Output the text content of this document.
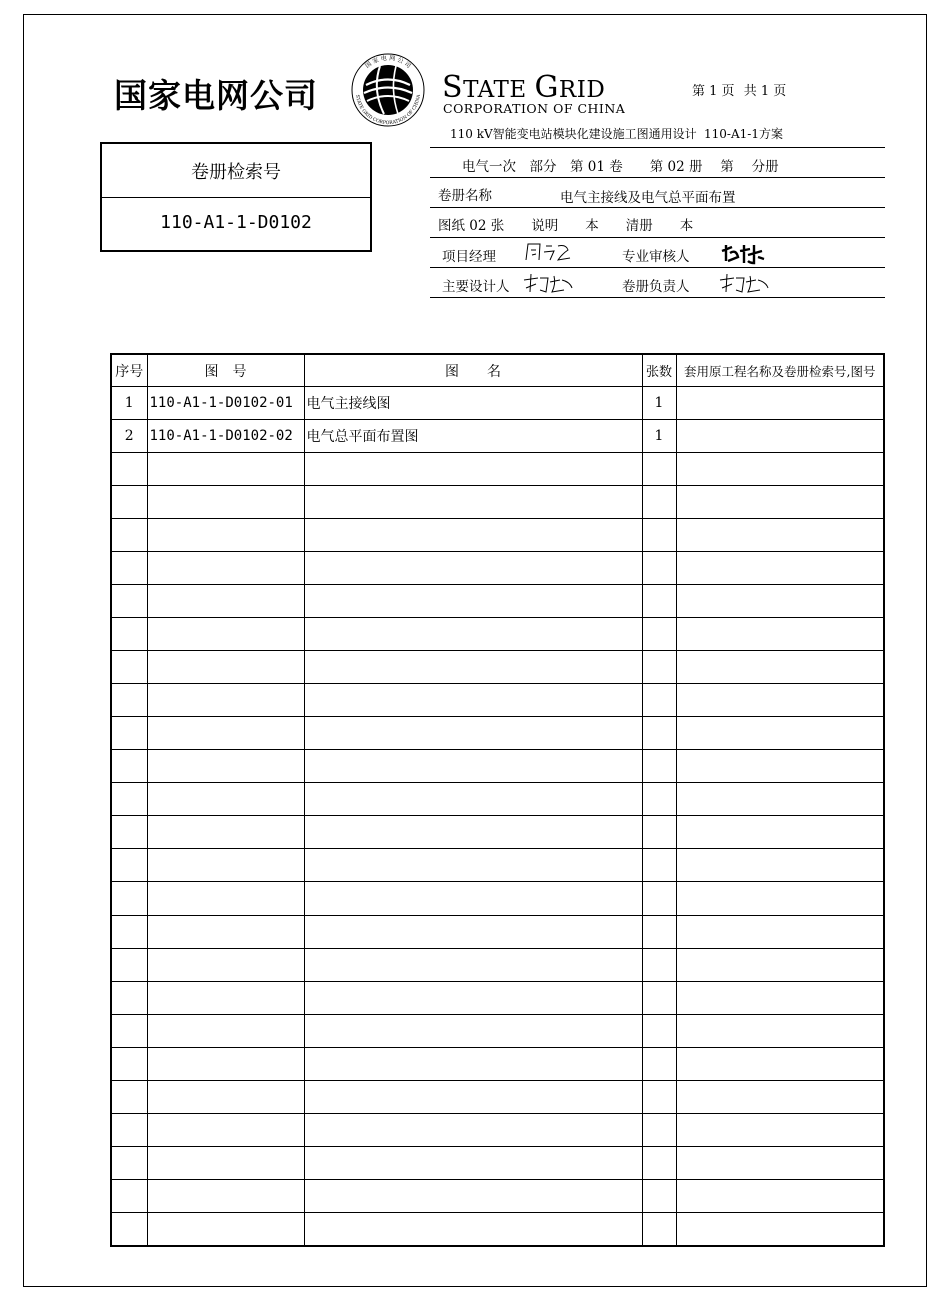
国家电网公司
国 家 电 网 公 司
STATE GRID CORPORATION OF CHINA STATE GRID
CORPORATION OF CHINA
第 1 页 共 1 页
110 kV智能变电站模块化建设施工图通用设计 110-A1-1方案
卷册检索号
110-A1-1-D0102
电气一次　部分　第 01 卷　　第 02 册　 第　 分册
卷册名称	电气主接线及电气总平面布置
图纸 02 张　　说明　　本　　清册　　本
项目经理	专业审核人
主要设计人	卷册负责人
序号	图　号	图　　名	张数	套用原工程名称及卷册检索号,图号
1	110-A1-1-D0102-01	电气主接线图	1	
2	110-A1-1-D0102-02	电气总平面布置图	1	
